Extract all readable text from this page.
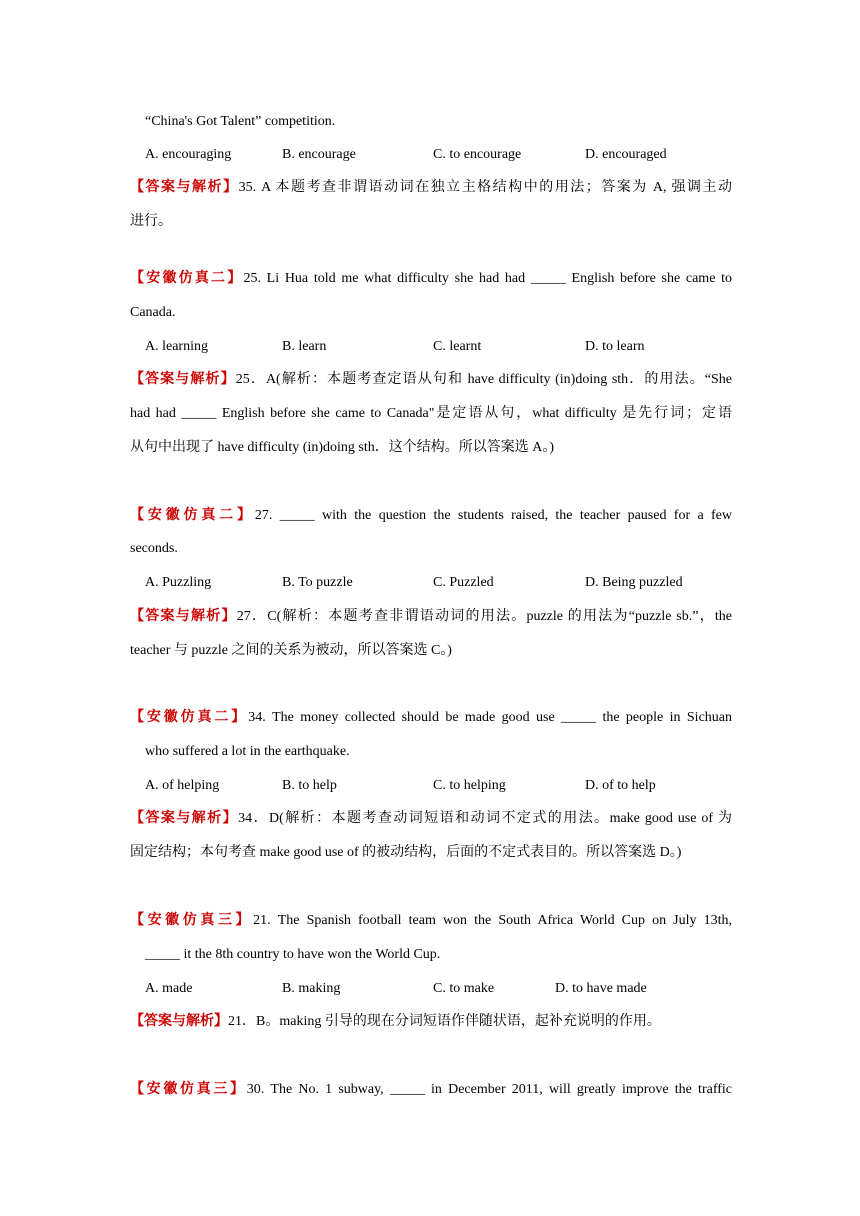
“China's Got Talent” competition.
A. encouraging	B. encourage	C. to encourage	D. encouraged
【答案与解析】35. A 本题考查非谓语动词在独立主格结构中的用法；答案为 A, 强调主动
进行。
【安徽仿真二】25. Li Hua told me what difficulty she had had _____ English before she came to
Canada.
A. learning	B. learn	C. learnt	D. to learn
【答案与解析】25．A(解析：本题考查定语从句和 have difficulty (in)doing sth．的用法。“She
had had _____ English before she came to Canada"是定语从句，what difficulty 是先行词；定语
从句中出现了 have difficulty (in)doing sth．这个结构。所以答案选 A。)
【安徽仿真二】27. _____ with the question the students raised, the teacher paused for a few
seconds.
A. Puzzling	B. To puzzle	C. Puzzled	D. Being puzzled
【答案与解析】27．C(解析：本题考查非谓语动词的用法。puzzle 的用法为“puzzle sb.”，the
teacher 与 puzzle 之间的关系为被动，所以答案选 C。)
【安徽仿真二】34. The money collected should be made good use _____ the people in Sichuan
who suffered a lot in the earthquake.
A. of helping	B. to help	C. to helping	D. of to help
【答案与解析】34．D(解析：本题考查动词短语和动词不定式的用法。make good use of 为
固定结构；本句考查 make good use of 的被动结构，后面的不定式表目的。所以答案选 D。)
【安徽仿真三】21. The Spanish football team won the South Africa World Cup on July 13th,
_____ it the 8th country to have won the World Cup.
A. made	B. making	C. to make	D. to have made
【答案与解析】21．B。making 引导的现在分词短语作伴随状语，起补充说明的作用。
【安徽仿真三】30. The No. 1 subway, _____ in December 2011, will greatly improve the traffic
